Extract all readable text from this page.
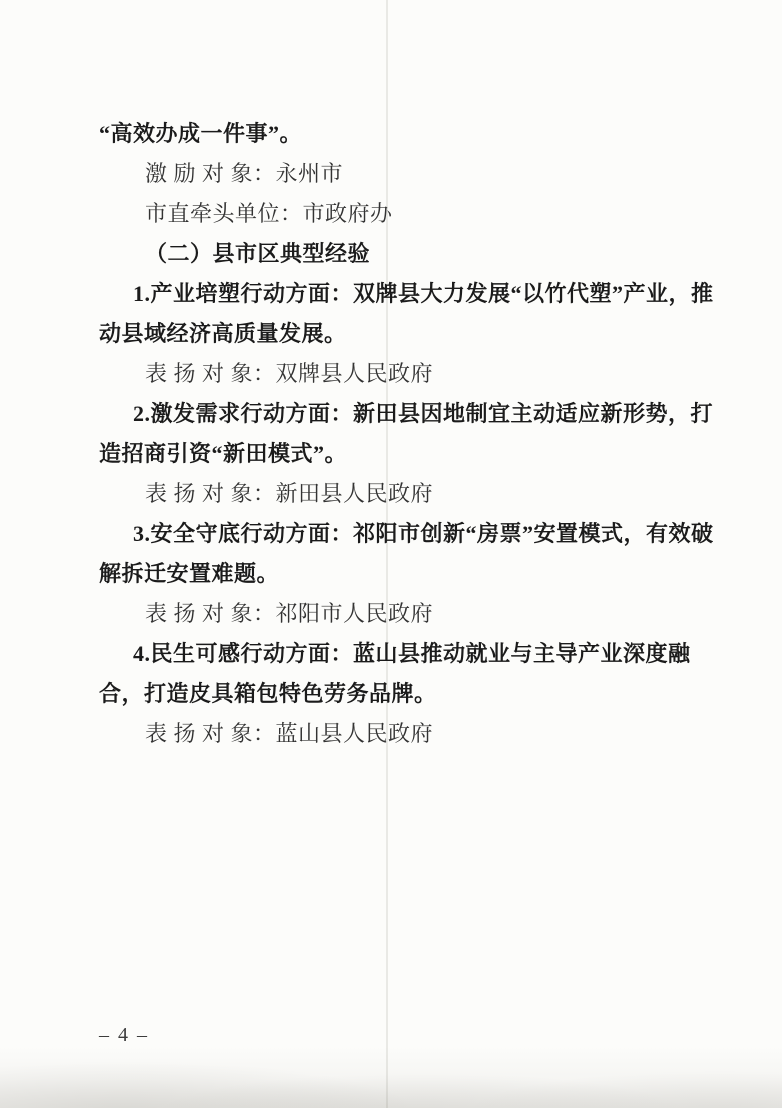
“高效办成一件事”。
激 励 对 象：永州市
市直牵头单位：市政府办
（二）县市区典型经验
1.产业培塑行动方面：双牌县大力发展“以竹代塑”产业，推
动县域经济高质量发展。
表 扬 对 象：双牌县人民政府
2.激发需求行动方面：新田县因地制宜主动适应新形势，打
造招商引资“新田模式”。
表 扬 对 象：新田县人民政府
3.安全守底行动方面：祁阳市创新“房票”安置模式，有效破
解拆迁安置难题。
表 扬 对 象：祁阳市人民政府
4.民生可感行动方面：蓝山县推动就业与主导产业深度融
合，打造皮具箱包特色劳务品牌。
表 扬 对 象：蓝山县人民政府
– 4 –
